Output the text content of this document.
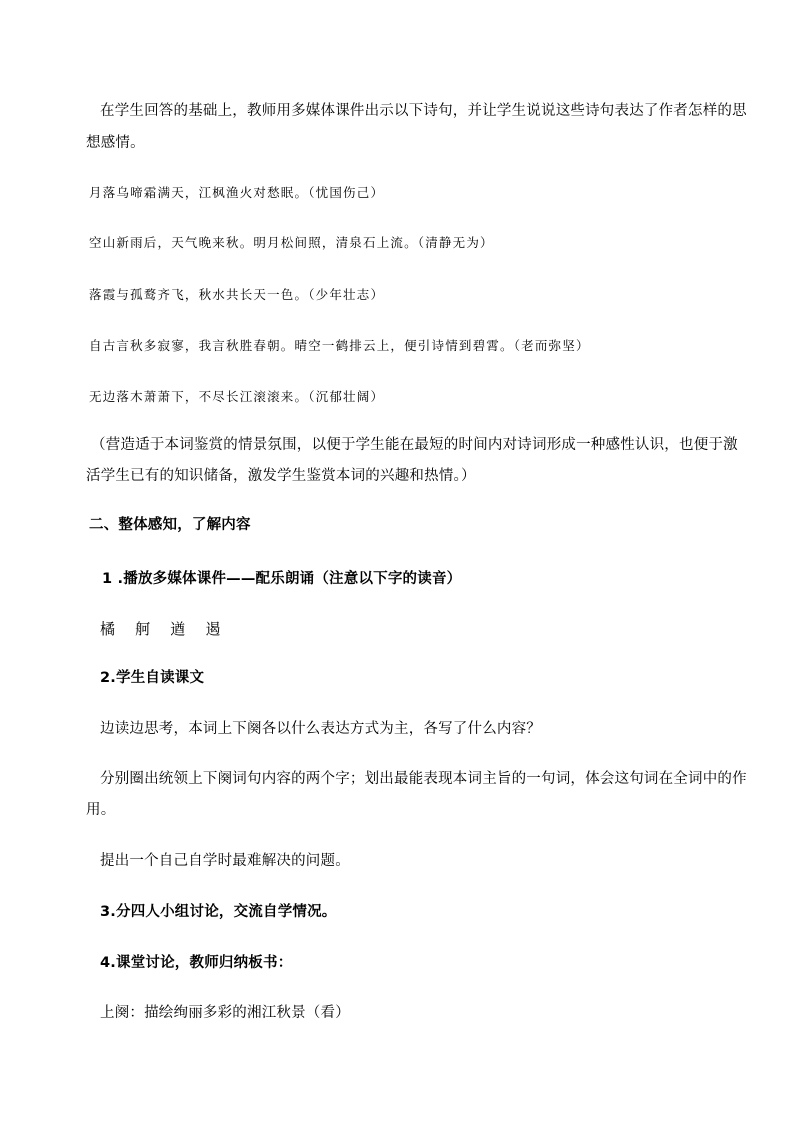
在学生回答的基础上，教师用多媒体课件出示以下诗句，并让学生说说这些诗句表达了作者怎样的思
想感情。
月落乌啼霜满天，江枫渔火对愁眠。（忧国伤己）
空山新雨后，天气晚来秋。明月松间照，清泉石上流。（清静无为）
落霞与孤鹜齐飞，秋水共长天一色。（少年壮志）
自古言秋多寂寥，我言秋胜春朝。晴空一鹤排云上，便引诗情到碧霄。（老而弥坚）
无边落木萧萧下，不尽长江滚滚来。（沉郁壮阔）
（营造适于本词鉴赏的情景氛围，以便于学生能在最短的时间内对诗词形成一种感性认识，也便于激
活学生已有的知识储备，激发学生鉴赏本词的兴趣和热情。）
二、整体感知，了解内容
1 .播放多媒体课件——配乐朗诵（注意以下字的读音）
橘 舸 遒 遏
2.学生自读课文
边读边思考，本词上下阕各以什么表达方式为主，各写了什么内容？
分别圈出统领上下阕词句内容的两个字；划出最能表现本词主旨的一句词，体会这句词在全词中的作
用。
提出一个自己自学时最难解决的问题。
3.分四人小组讨论，交流自学情况。
4.课堂讨论，教师归纳板书：
上阕：描绘绚丽多彩的湘江秋景（看）
